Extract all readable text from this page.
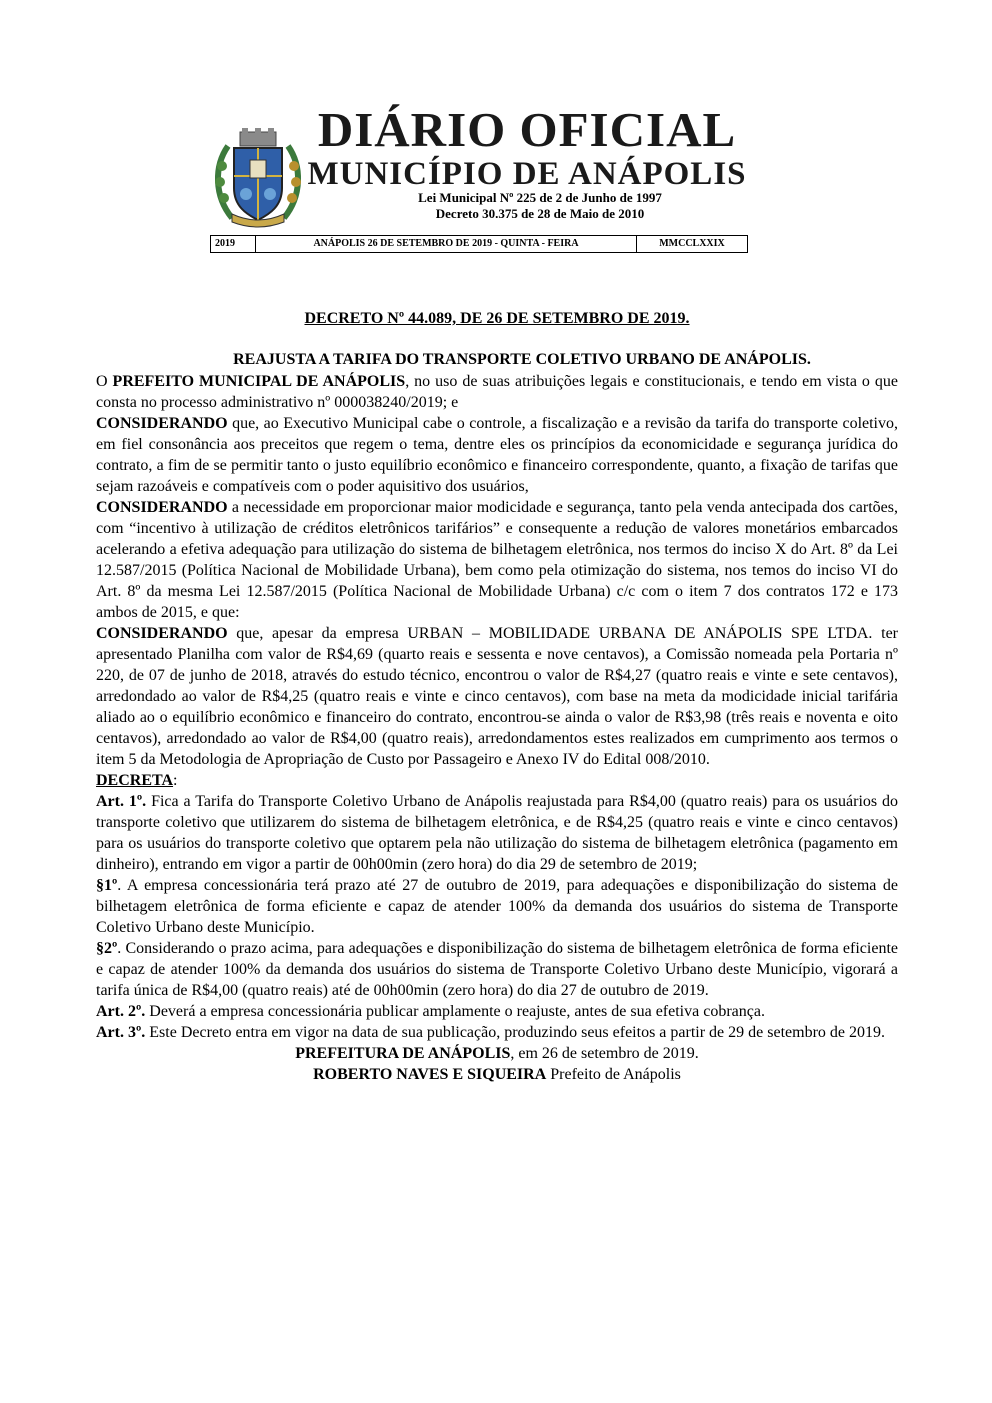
DIÁRIO OFICIAL
MUNICÍPIO DE ANÁPOLIS
Lei Municipal Nº 225 de 2 de Junho de 1997
Decreto 30.375 de 28 de Maio de 2010
2019	ANÁPOLIS 26 DE SETEMBRO DE 2019 - QUINTA - FEIRA	MMCCLXXIX
DECRETO Nº 44.089, DE 26 DE SETEMBRO DE 2019.
REAJUSTA A TARIFA DO TRANSPORTE COLETIVO URBANO DE ANÁPOLIS.

O PREFEITO MUNICIPAL DE ANÁPOLIS, no uso de suas atribuições legais e constitucionais, e tendo em vista o que consta no processo administrativo nº 000038240/2019; e

CONSIDERANDO que, ao Executivo Municipal cabe o controle, a fiscalização e a revisão da tarifa do transporte coletivo, em fiel consonância aos preceitos que regem o tema, dentre eles os princípios da economicidade e segurança jurídica do contrato, a fim de se permitir tanto o justo equilíbrio econômico e financeiro correspondente, quanto, a fixação de tarifas que sejam razoáveis e compatíveis com o poder aquisitivo dos usuários,

CONSIDERANDO a necessidade em proporcionar maior modicidade e segurança, tanto pela venda antecipada dos cartões, com “incentivo à utilização de créditos eletrônicos tarifários” e consequente a redução de valores monetários embarcados acelerando a efetiva adequação para utilização do sistema de bilhetagem eletrônica, nos termos do inciso X do Art. 8º da Lei 12.587/2015 (Política Nacional de Mobilidade Urbana), bem como pela otimização do sistema, nos temos do inciso VI do Art. 8º da mesma Lei 12.587/2015 (Política Nacional de Mobilidade Urbana) c/c com o item 7 dos contratos 172 e 173 ambos de 2015, e que:

CONSIDERANDO que, apesar da empresa URBAN – MOBILIDADE URBANA DE ANÁPOLIS SPE LTDA. ter apresentado Planilha com valor de R$4,69 (quarto reais e sessenta e nove centavos), a Comissão nomeada pela Portaria nº 220, de 07 de junho de 2018, através do estudo técnico, encontrou o valor de R$4,27 (quatro reais e vinte e sete centavos), arredondado ao valor de R$4,25 (quatro reais e vinte e cinco centavos), com base na meta da modicidade inicial tarifária aliado ao o equilíbrio econômico e financeiro do contrato, encontrou-se ainda o valor de R$3,98 (três reais e noventa e oito centavos), arredondado ao valor de R$4,00 (quatro reais), arredondamentos estes realizados em cumprimento aos termos o item 5 da Metodologia de Apropriação de Custo por Passageiro e Anexo IV do Edital 008/2010.

DECRETA:

Art. 1º. Fica a Tarifa do Transporte Coletivo Urbano de Anápolis reajustada para R$4,00 (quatro reais) para os usuários do transporte coletivo que utilizarem do sistema de bilhetagem eletrônica, e de R$4,25 (quatro reais e vinte e cinco centavos) para os usuários do transporte coletivo que optarem pela não utilização do sistema de bilhetagem eletrônica (pagamento em dinheiro), entrando em vigor a partir de 00h00min (zero hora) do dia 29 de setembro de 2019;

§1º. A empresa concessionária terá prazo até 27 de outubro de 2019, para adequações e disponibilização do sistema de bilhetagem eletrônica de forma eficiente e capaz de atender 100% da demanda dos usuários do sistema de Transporte Coletivo Urbano deste Município.

§2º. Considerando o prazo acima, para adequações e disponibilização do sistema de bilhetagem eletrônica de forma eficiente e capaz de atender 100% da demanda dos usuários do sistema de Transporte Coletivo Urbano deste Município, vigorará a tarifa única de R$4,00 (quatro reais) até de 00h00min (zero hora) do dia 27 de outubro de 2019.

Art. 2º. Deverá a empresa concessionária publicar amplamente o reajuste, antes de sua efetiva cobrança.

Art. 3º. Este Decreto entra em vigor na data de sua publicação, produzindo seus efeitos a partir de 29 de setembro de 2019.

PREFEITURA DE ANÁPOLIS, em 26 de setembro de 2019.

ROBERTO NAVES E SIQUEIRA Prefeito de Anápolis
